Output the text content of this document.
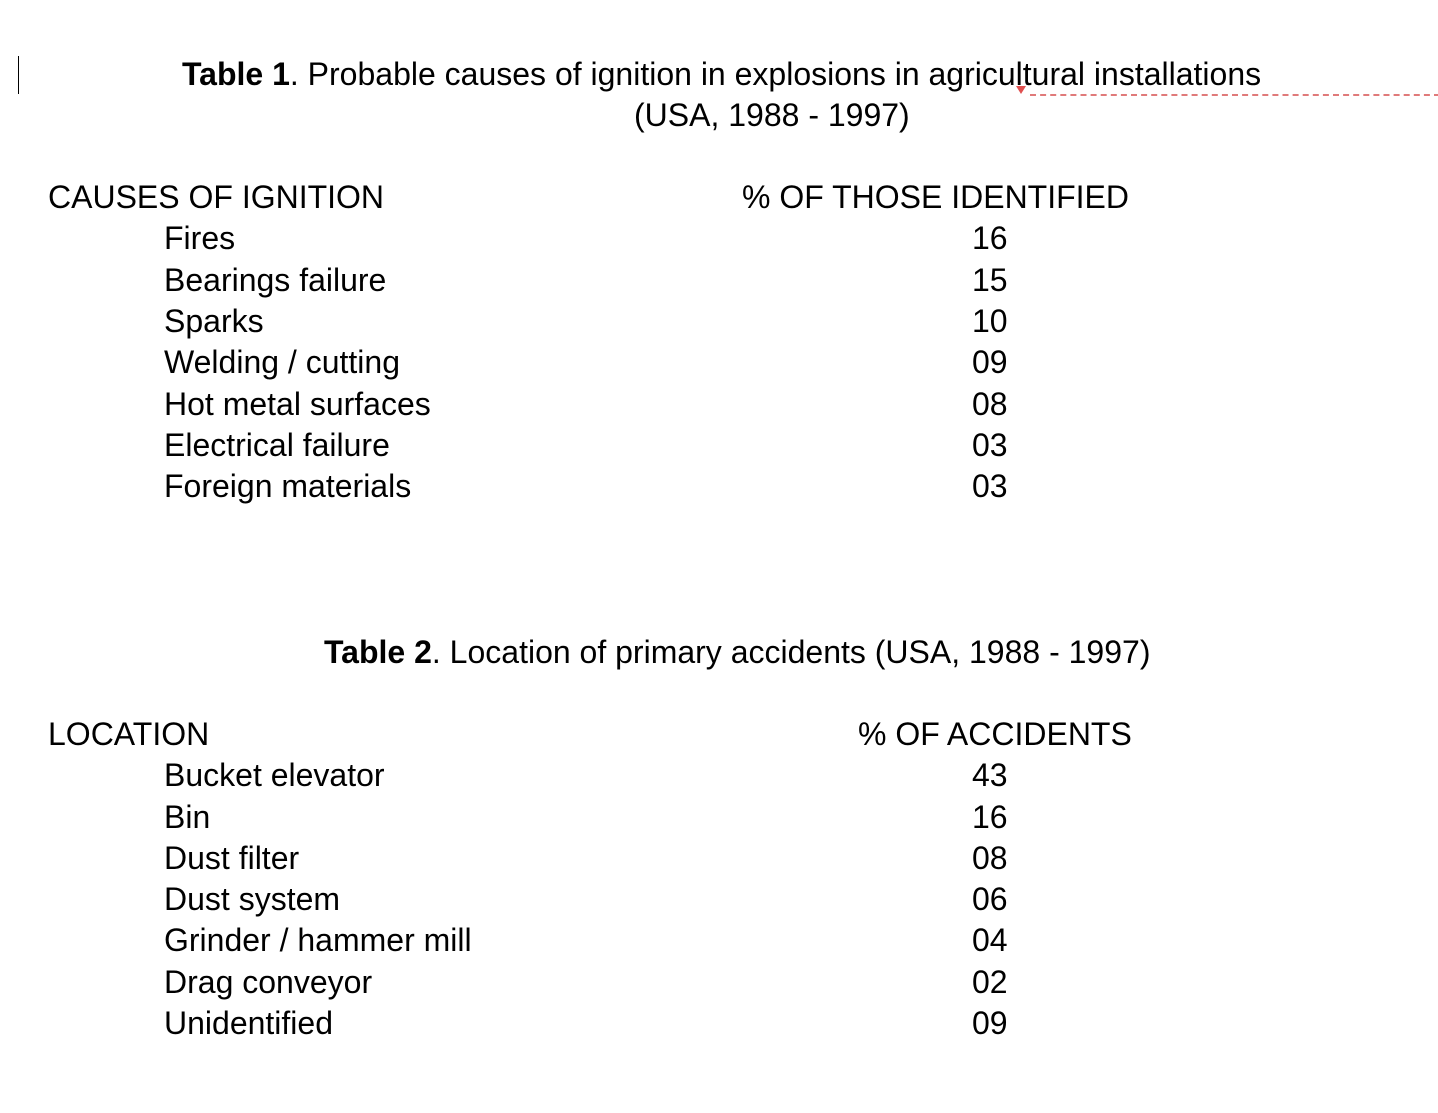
Table 1. Probable causes of ignition in explosions in agricultural installations
(USA, 1988 - 1997)
CAUSES OF IGNITION	% OF THOSE IDENTIFIED
Fires	16
Bearings failure	15
Sparks	10
Welding / cutting	09
Hot metal surfaces	08
Electrical failure	03
Foreign materials	03
Table 2. Location of primary accidents (USA, 1988 - 1997)
LOCATION	% OF ACCIDENTS
Bucket elevator	43
Bin	16
Dust filter	08
Dust system	06
Grinder / hammer mill	04
Drag conveyor	02
Unidentified	09
